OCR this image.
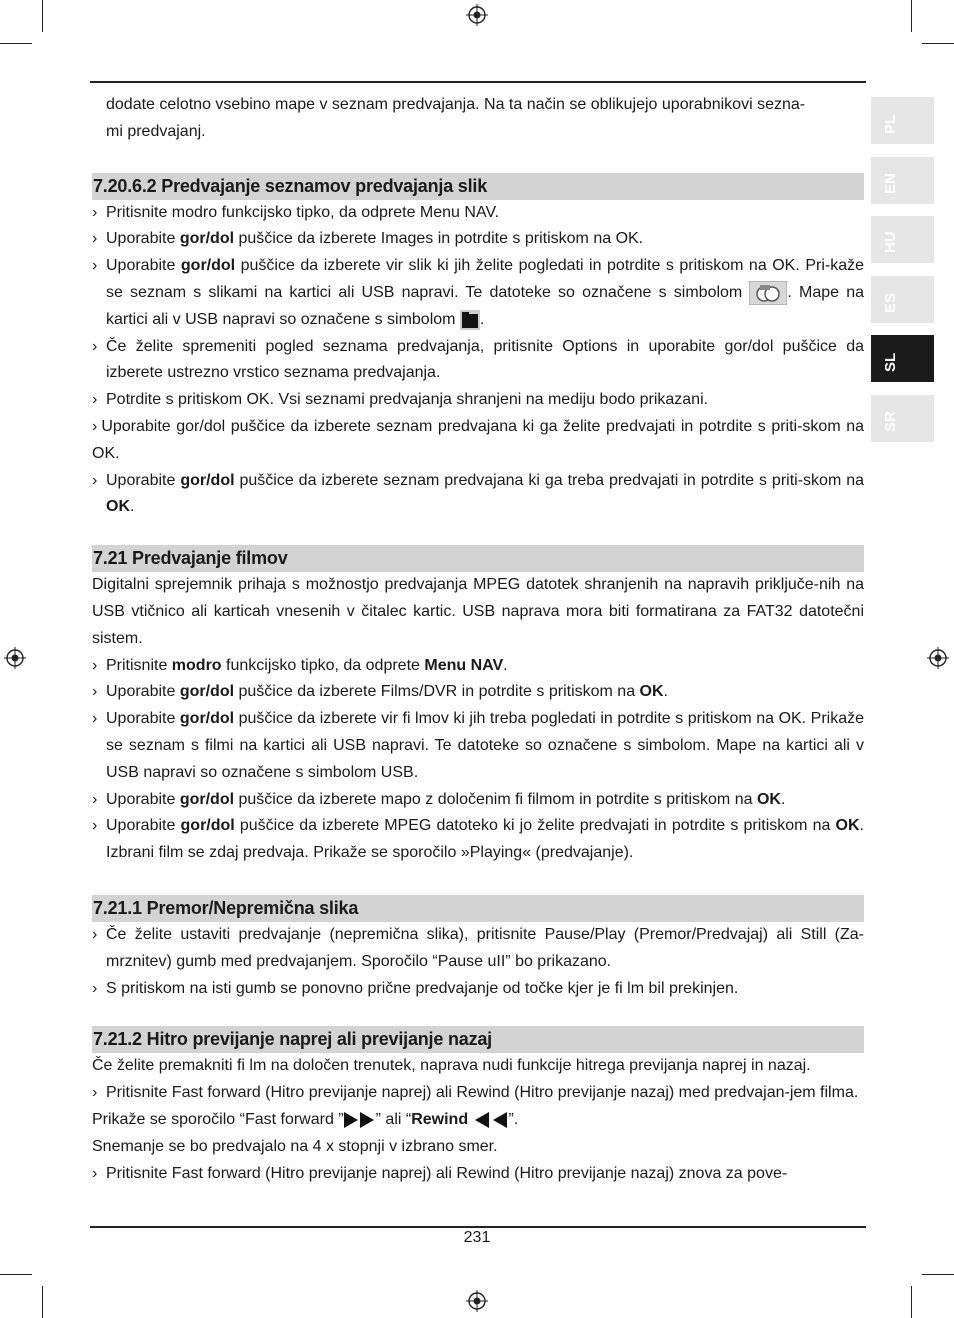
PL
EN
HU
ES
SL
SR

dodate celotno vsebino mape v seznam predvajanja. Na ta način se oblikujejo uporabnikovi sezna-
mi predvajanj.

7.20.6.2 Predvajanje seznamov predvajanja slik

› Pritisnite modro funkcijsko tipko, da odprete Menu NAV.

› Uporabite gor/dol puščice da izberete Images in potrdite s pritiskom na OK.

› Uporabite gor/dol puščice da izberete vir slik ki jih želite pogledati in potrdite s pritiskom na OK. Pri-kaže se seznam s slikami na kartici ali USB napravi. Te datoteke so označene s simbolom . Mape na kartici ali v USB napravi so označene s simbolom .

› Če želite spremeniti pogled seznama predvajanja, pritisnite Options in uporabite gor/dol puščice da izberete ustrezno vrstico seznama predvajanja.

› Potrdite s pritiskom OK. Vsi seznami predvajanja shranjeni na mediju bodo prikazani.

› Uporabite gor/dol puščice da izberete seznam predvajana ki ga želite predvajati in potrdite s priti-skom na OK.

› Uporabite gor/dol puščice da izberete seznam predvajana ki ga treba predvajati in potrdite s priti-skom na OK.

7.21 Predvajanje filmov

Digitalni sprejemnik prihaja s možnostjo predvajanja MPEG datotek shranjenih na napravih priključe-nih na USB vtičnico ali karticah vnesenih v čitalec kartic. USB naprava mora biti formatirana za FAT32 datotečni sistem.

› Pritisnite modro funkcijsko tipko, da odprete Menu NAV.

› Uporabite gor/dol puščice da izberete Films/DVR in potrdite s pritiskom na OK.

› Uporabite gor/dol puščice da izberete vir fi lmov ki jih treba pogledati in potrdite s pritiskom na OK. Prikaže se seznam s filmi na kartici ali USB napravi. Te datoteke so označene s simbolom. Mape na kartici ali v USB napravi so označene s simbolom USB.

› Uporabite gor/dol puščice da izberete mapo z določenim fi filmom in potrdite s pritiskom na OK.

› Uporabite gor/dol puščice da izberete MPEG datoteko ki jo želite predvajati in potrdite s pritiskom na OK. Izbrani film se zdaj predvaja. Prikaže se sporočilo »Playing« (predvajanje).

7.21.1 Premor/Nepremična slika

› Če želite ustaviti predvajanje (nepremična slika), pritisnite Pause/Play (Premor/Predvajaj) ali Still (Za-mrznitev) gumb med predvajanjem. Sporočilo “Pause uII” bo prikazano.

› S pritiskom na isti gumb se ponovno prične predvajanje od točke kjer je fi lm bil prekinjen.

7.21.2 Hitro previjanje naprej ali previjanje nazaj

Če želite premakniti fi lm na določen trenutek, naprava nudi funkcije hitrega previjanja naprej in nazaj.

› Pritisnite Fast forward (Hitro previjanje naprej) ali Rewind (Hitro previjanje nazaj) med predvajan-jem filma.

Prikaže se sporočilo “Fast forward ” ” ali “Rewind	”.

Snemanje se bo predvajalo na 4 x stopnji v izbrano smer.

› Pritisnite Fast forward (Hitro previjanje naprej) ali Rewind (Hitro previjanje nazaj) znova za pove-

231
